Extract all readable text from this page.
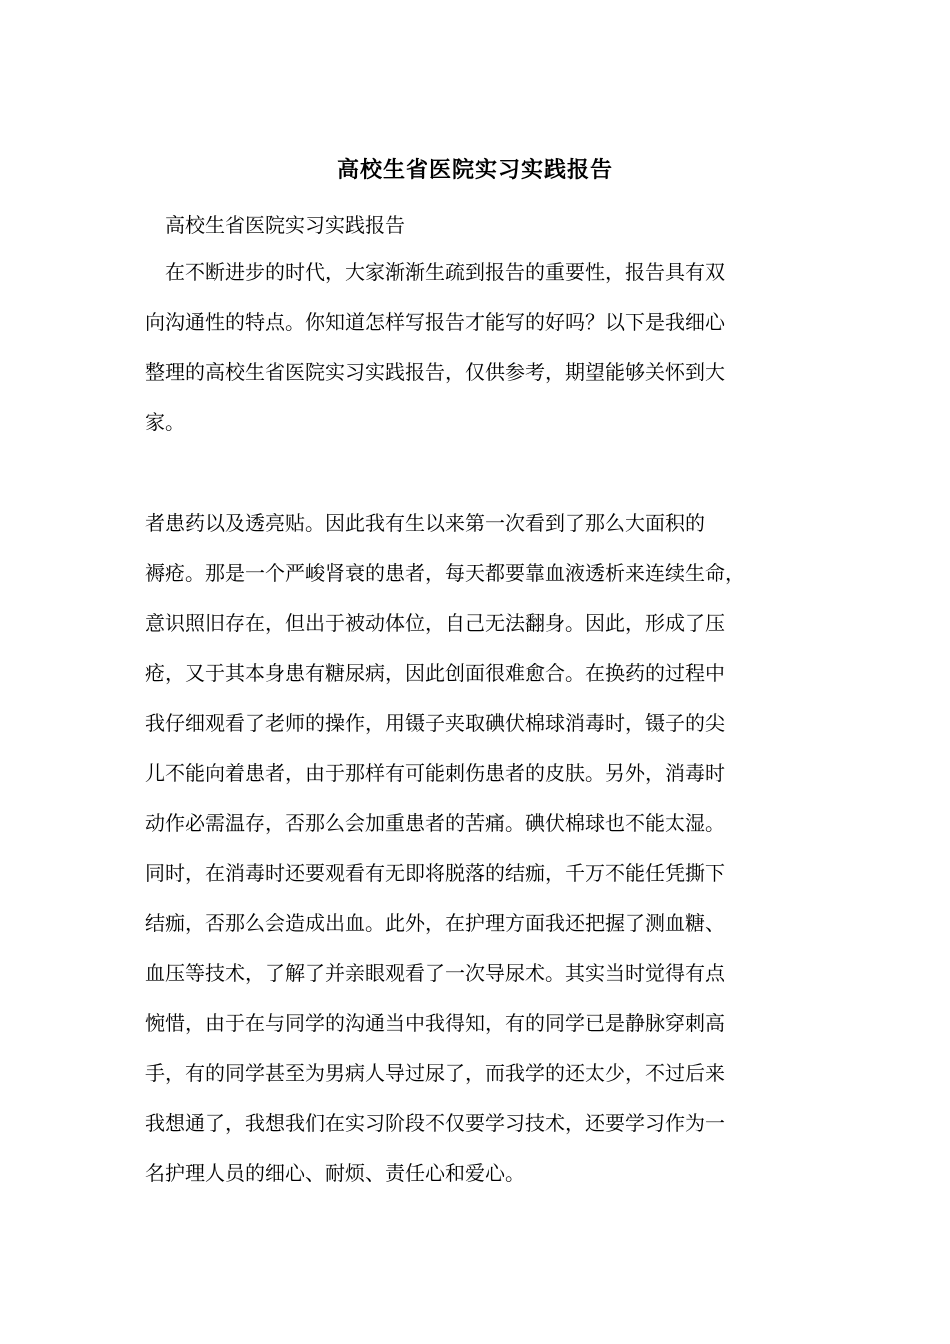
高校生省医院实习实践报告
高校生省医院实习实践报告
　在不断进步的时代，大家渐渐生疏到报告的重要性，报告具有双
向沟通性的特点。你知道怎样写报告才能写的好吗？以下是我细心
整理的高校生省医院实习实践报告，仅供参考，期望能够关怀到大
家。
者患药以及透亮贴。因此我有生以来第一次看到了那么大面积的
褥疮。那是一个严峻肾衰的患者，每天都要靠血液透析来连续生命，
意识照旧存在，但出于被动体位，自己无法翻身。因此，形成了压
疮，又于其本身患有糖尿病，因此创面很难愈合。在换药的过程中
我仔细观看了老师的操作，用镊子夹取碘伏棉球消毒时，镊子的尖
儿不能向着患者，由于那样有可能刺伤患者的皮肤。另外，消毒时
动作必需温存，否那么会加重患者的苦痛。碘伏棉球也不能太湿。
同时，在消毒时还要观看有无即将脱落的结痂，千万不能任凭撕下
结痂，否那么会造成出血。此外，在护理方面我还把握了测血糖、
血压等技术，了解了并亲眼观看了一次导尿术。其实当时觉得有点
惋惜，由于在与同学的沟通当中我得知，有的同学已是静脉穿刺高
手，有的同学甚至为男病人导过尿了，而我学的还太少，不过后来
我想通了，我想我们在实习阶段不仅要学习技术，还要学习作为一
名护理人员的细心、耐烦、责任心和爱心。
